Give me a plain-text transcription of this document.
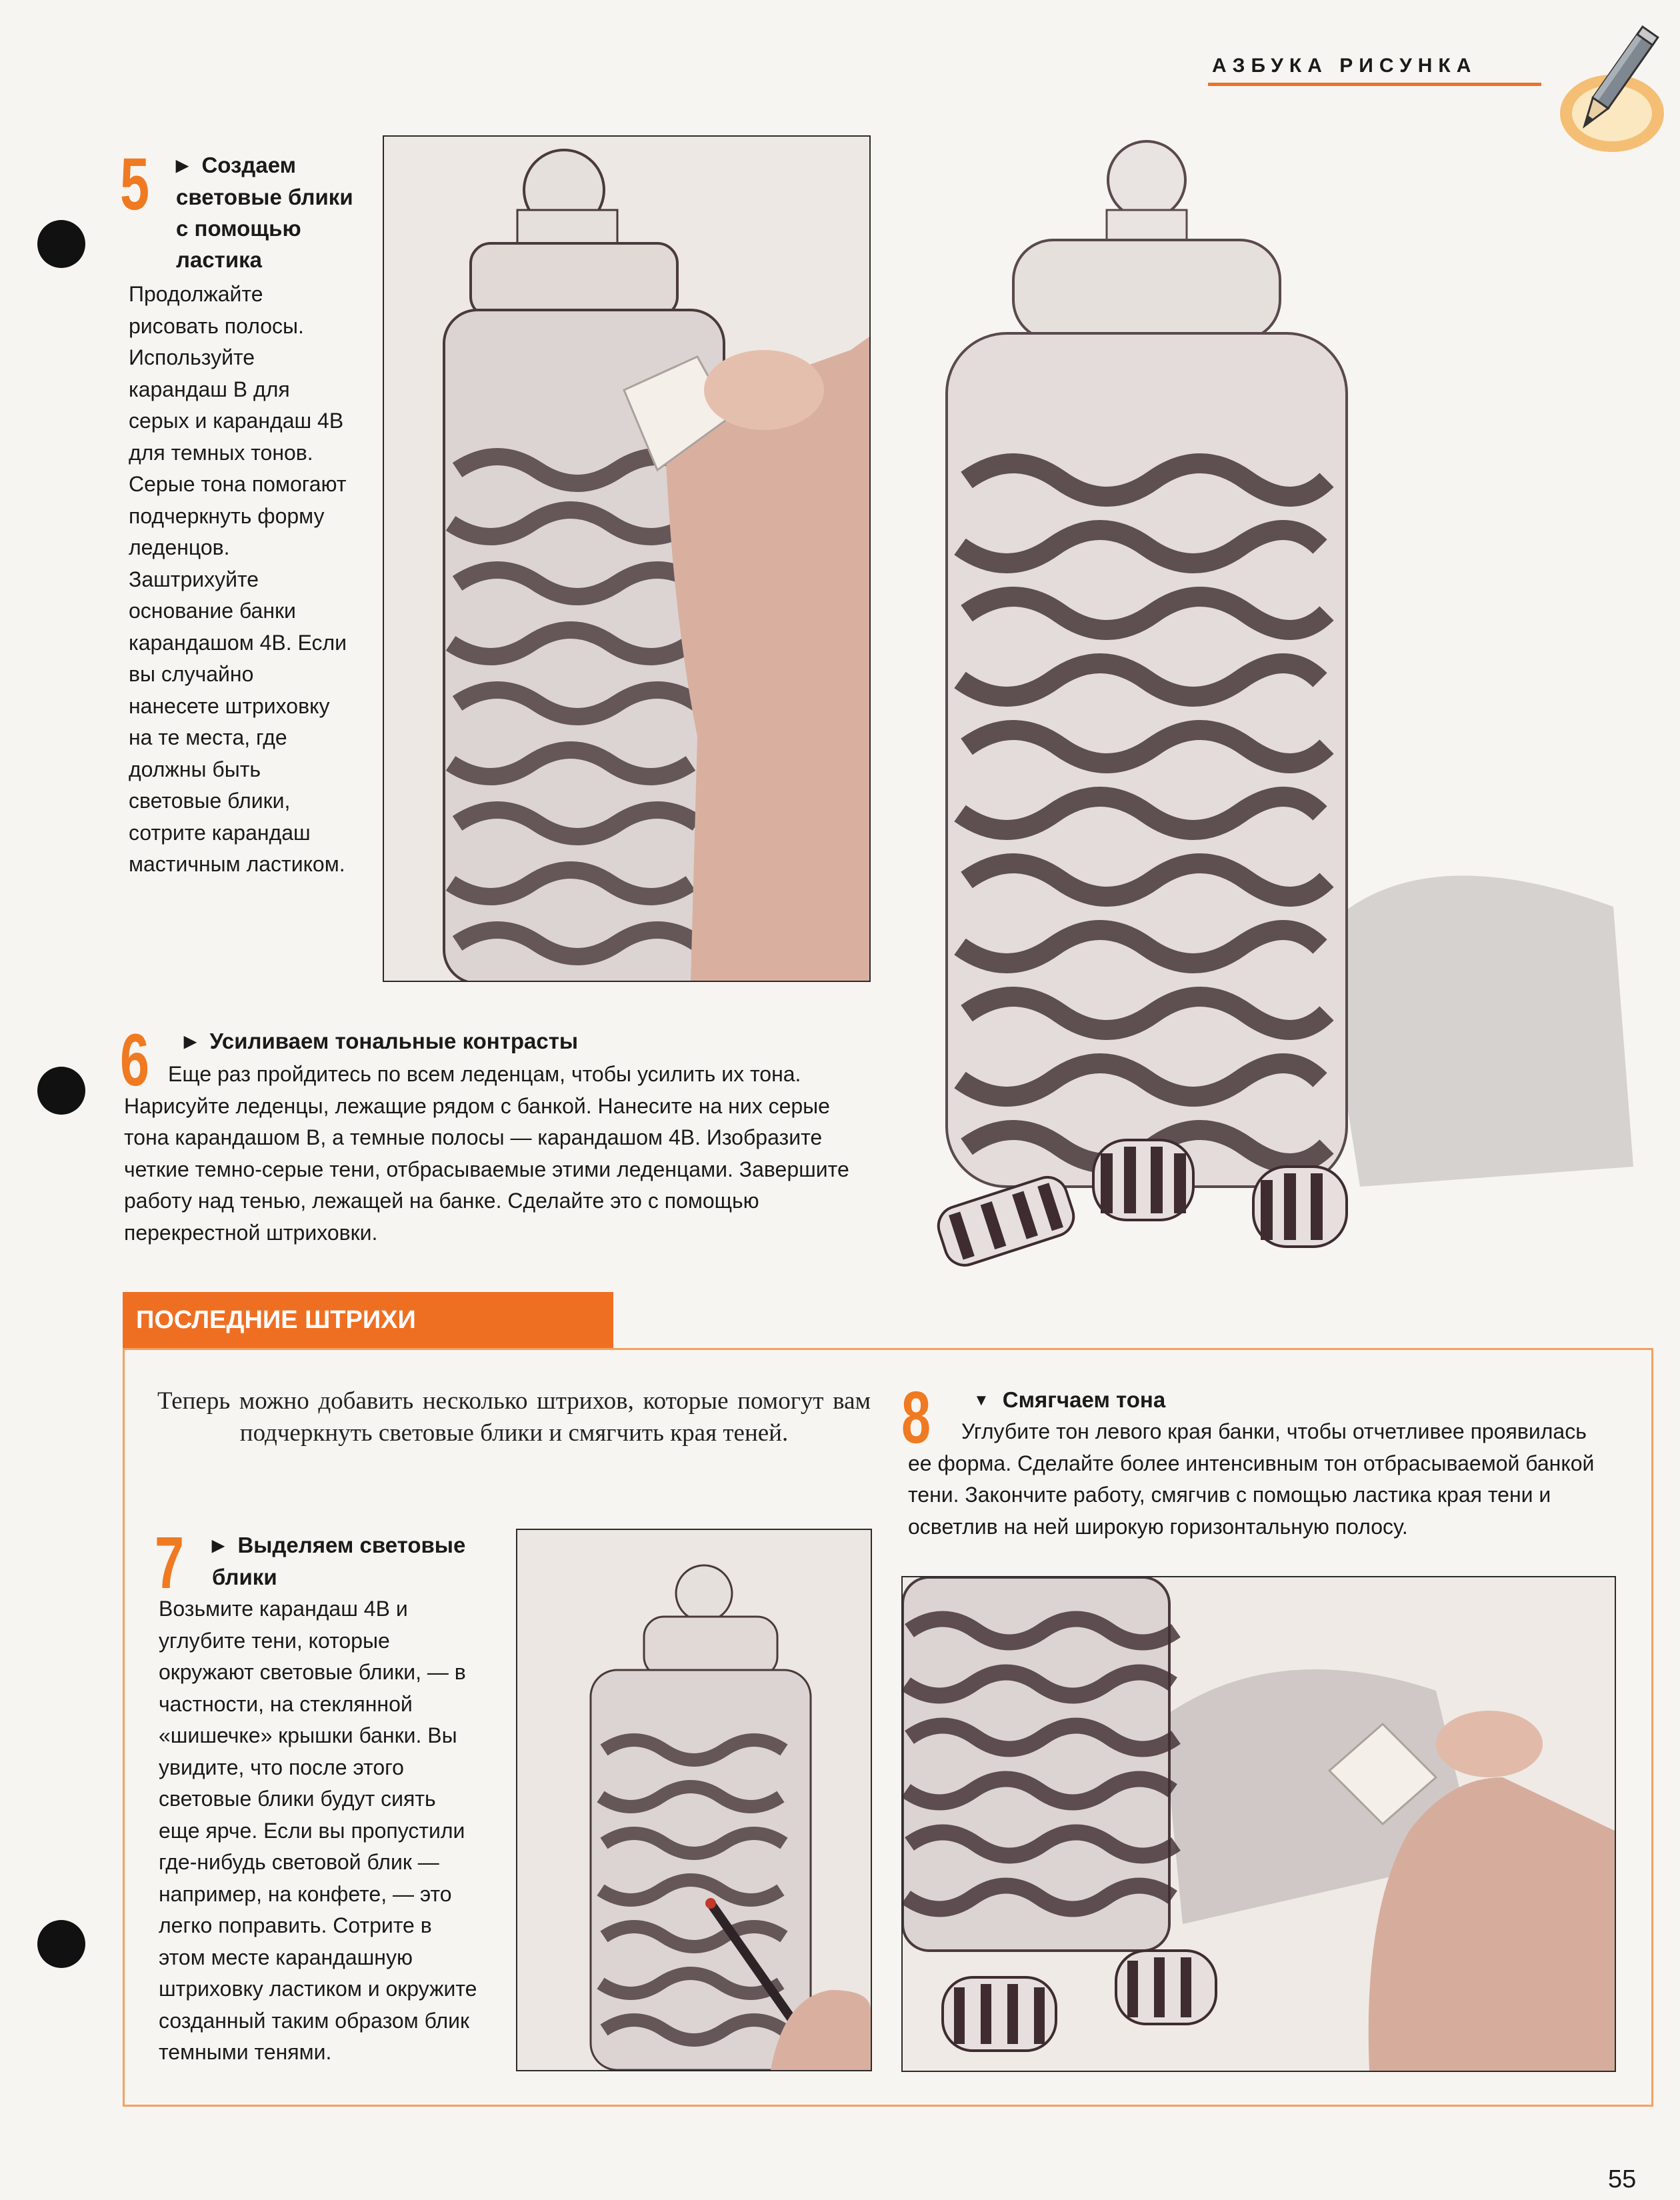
АЗБУКА РИСУНКА
5 ▶ Создаем световые блики с помощью ластика
Продолжайте рисовать полосы. Используйте карандаш B для серых и карандаш 4B для темных тонов. Серые тона помогают подчеркнуть форму леденцов. Заштрихуйте основание банки карандашом 4B. Если вы случайно нанесете штриховку на те места, где должны быть световые блики, сотрите карандаш мастичным ластиком.
6 ▶ Усиливаем тональные контрасты
Еще раз пройдитесь по всем леденцам, чтобы усилить их тона. Нарисуйте леденцы, лежащие рядом с банкой. Нанесите на них серые тона карандашом B, а темные полосы — карандашом 4B. Изобразите четкие темно-серые тени, отбрасываемые этими леденцами. Завершите работу над тенью, лежащей на банке. Сделайте это с помощью перекрестной штриховки.
ПОСЛЕДНИЕ ШТРИХИ
Теперь можно добавить несколько штрихов, которые помогут вам подчеркнуть световые блики и смягчить края теней.
7 ▶ Выделяем световые блики
Возьмите карандаш 4B и углубите тени, которые окружают световые блики, — в частности, на стеклянной «шишечке» крышки банки. Вы увидите, что после этого световые блики будут сиять еще ярче. Если вы пропустили где-нибудь световой блик — например, на конфете, — это легко поправить. Сотрите в этом месте карандашную штриховку ластиком и окружите созданный таким образом блик темными тенями.
8	▼ Смягчаем тона
Углубите тон левого края банки, чтобы отчетливее проявилась ее форма. Сделайте более интенсивным тон отбрасываемой банкой тени. Закончите работу, смягчив с помощью ластика края тени и осветлив на ней широкую горизонтальную полосу.
55
